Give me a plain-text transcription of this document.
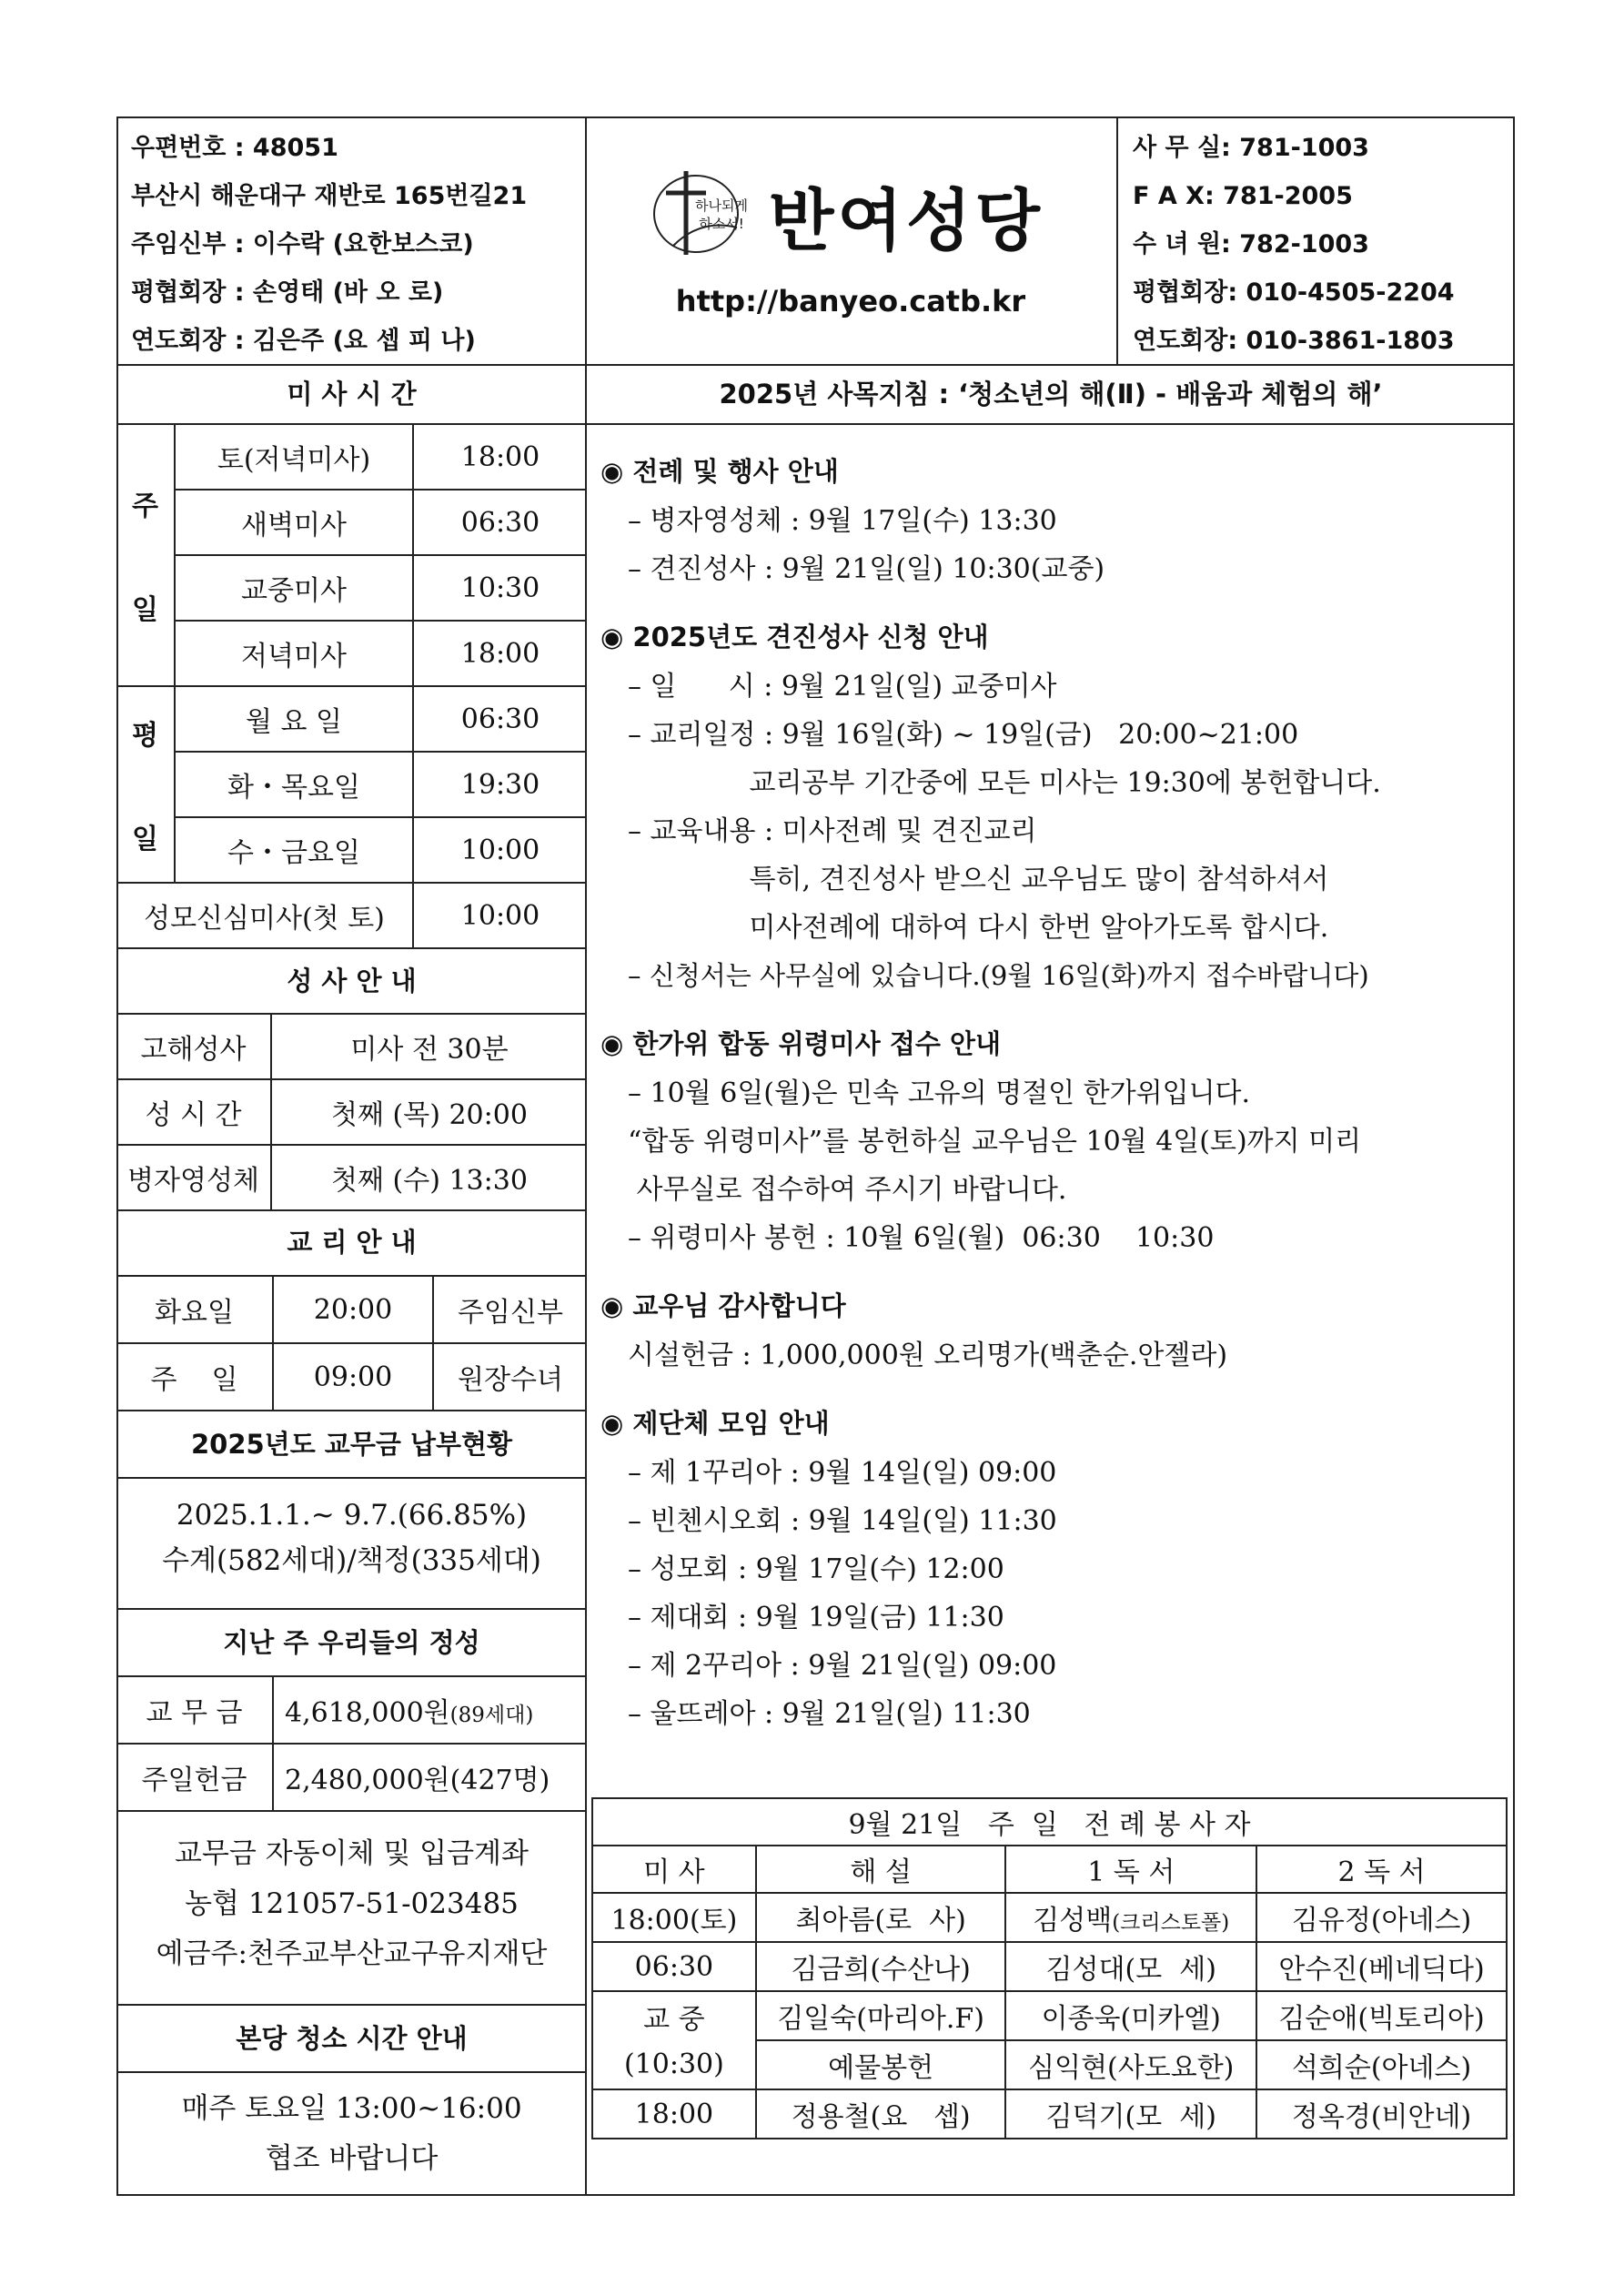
우편번호 : 48051
부산시 해운대구 재반로 165번길21
주임신부 : 이수락 (요한보스코)
평협회장 : 손영태 (바 오 로)
연도회장 : 김은주 (요 셉 피 나)
하나되게 하소서! 반여성당
http://banyeo.catb.kr
사 무 실: 781-1003
F A X: 781-2005
수 녀 원: 782-1003
평협회장: 010-4505-2204
연도회장: 010-3861-1803
미 사 시 간
주
일	토(저녁미사)	18:00
	새벽미사	06:30
	교중미사	10:30
	저녁미사	18:00

평
일	월 요 일	06:30
	화・목요일	19:30
	수・금요일	10:00
성모신심미사(첫 토)		10:00
성 사 안 내
고해성사	미사 전 30분
성 시 간	첫째 (목) 20:00
병자영성체	첫째 (수) 13:30
교 리 안 내
화요일	20:00	주임신부
주    일	09:00	원장수녀
2025년도 교무금 납부현황
2025.1.1.~ 9.7.(66.85%)
수계(582세대)/책정(335세대)
지난 주 우리들의 정성
교 무 금	4,618,000원(89세대)
주일헌금	2,480,000원(427명)
교무금 자동이체 및 입금계좌
농협 121057-51-023485
예금주:천주교부산교구유지재단
본당 청소 시간 안내
매주 토요일 13:00~16:00
협조 바랍니다
2025년 사목지침 : ‘청소년의 해(Ⅱ) - 배움과 체험의 해’
◉ 전례 및 행사 안내
– 병자영성체 : 9월 17일(수) 13:30
– 견진성사 : 9월 21일(일) 10:30(교중)
◉ 2025년도 견진성사 신청 안내
– 일      시 : 9월 21일(일) 교중미사
– 교리일정 : 9월 16일(화) ~ 19일(금)   20:00~21:00
교리공부 기간중에 모든 미사는 19:30에 봉헌합니다.
– 교육내용 : 미사전례 및 견진교리
특히, 견진성사 받으신 교우님도 많이 참석하셔서
미사전례에 대하여 다시 한번 알아가도록 합시다.
– 신청서는 사무실에 있습니다.(9월 16일(화)까지 접수바랍니다)
◉ 한가위 합동 위령미사 접수 안내
– 10월 6일(월)은 민속 고유의 명절인 한가위입니다.
“합동 위령미사”를 봉헌하실 교우님은 10월 4일(토)까지 미리
사무실로 접수하여 주시기 바랍니다.
– 위령미사 봉헌 : 10월 6일(월)  06:30    10:30
◉ 교우님 감사합니다
시설헌금 : 1,000,000원 오리명가(백춘순.안젤라)
◉ 제단체 모임 안내
– 제 1꾸리아 : 9월 14일(일) 09:00
– 빈첸시오회 : 9월 14일(일) 11:30
– 성모회 : 9월 17일(수) 12:00
– 제대회 : 9월 19일(금) 11:30
– 제 2꾸리아 : 9월 21일(일) 09:00
– 울뜨레아 : 9월 21일(일) 11:30
9월 21일   주  일   전 례 봉 사 자			
미 사	해 설	1 독 서	2 독 서
18:00(토)	최아름(로  사)	김성백(크리스토폴)	김유정(아네스)
06:30	김금희(수산나)	김성대(모  세)	안수진(베네딕다)
교 중	김일숙(마리아.F)	이종욱(미카엘)	김순애(빅토리아)
(10:30)	예물봉헌	심익현(사도요한)	석희순(아네스)
18:00	정용철(요   셉)	김덕기(모  세)	정옥경(비안네)
